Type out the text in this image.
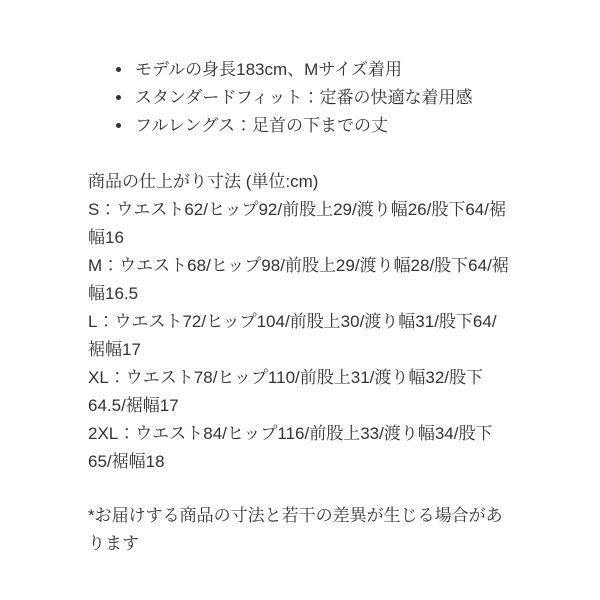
• モデルの身長183cm、Mサイズ着用
• スタンダードフィット：定番の快適な着用感
• フルレングス：足首の下までの丈

商品の仕上がり寸法 (単位:cm)

S：ウエスト62/ヒップ92/前股上29/渡り幅26/股下64/裾幅16

M：ウエスト68/ヒップ98/前股上29/渡り幅28/股下64/裾幅16.5

L：ウエスト72/ヒップ104/前股上30/渡り幅31/股下64/裾幅17

XL：ウエスト78/ヒップ110/前股上31/渡り幅32/股下64.5/裾幅17

2XL：ウエスト84/ヒップ116/前股上33/渡り幅34/股下65/裾幅18

*お届けする商品の寸法と若干の差異が生じる場合があります
